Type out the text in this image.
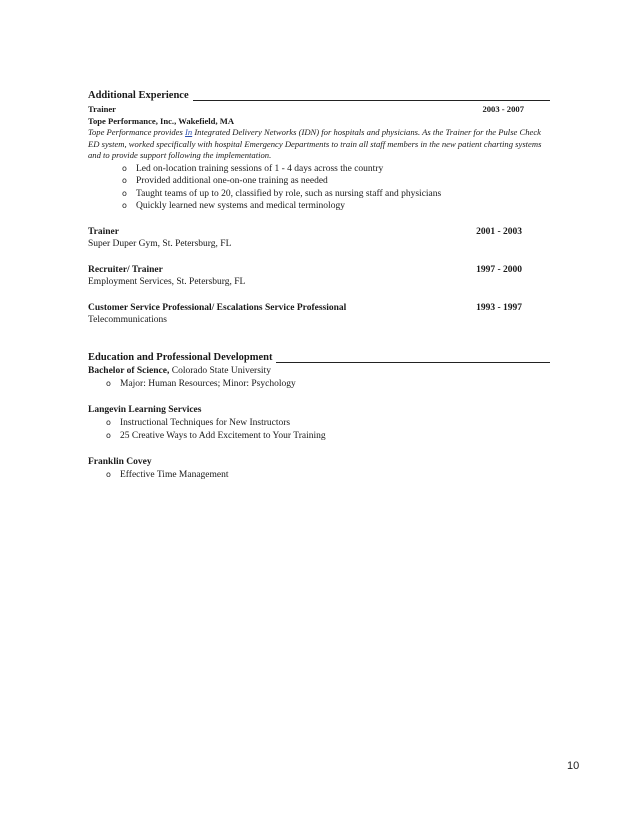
Additional Experience
Trainer	2003 - 2007
Tope Performance, Inc., Wakefield, MA
Tope Performance provides In Integrated Delivery Networks (IDN) for hospitals and physicians. As the Trainer for the Pulse Check ED system, worked specifically with hospital Emergency Departments to train all staff members in the new patient charting systems and to provide support following the implementation.
o Led on-location training sessions of 1 - 4 days across the country
o Provided additional one-on-one training as needed
o Taught teams of up to 20, classified by role, such as nursing staff and physicians
o Quickly learned new systems and medical terminology
Trainer	2001 - 2003
Super Duper Gym, St. Petersburg, FL
Recruiter/ Trainer	1997 - 2000
Employment Services, St. Petersburg, FL
Customer Service Professional/ Escalations Service Professional	1993 - 1997
Telecommunications
Education and Professional Development
Bachelor of Science, Colorado State University
o Major: Human Resources; Minor: Psychology
Langevin Learning Services
o Instructional Techniques for New Instructors
o 25 Creative Ways to Add Excitement to Your Training
Franklin Covey
o Effective Time Management
10
